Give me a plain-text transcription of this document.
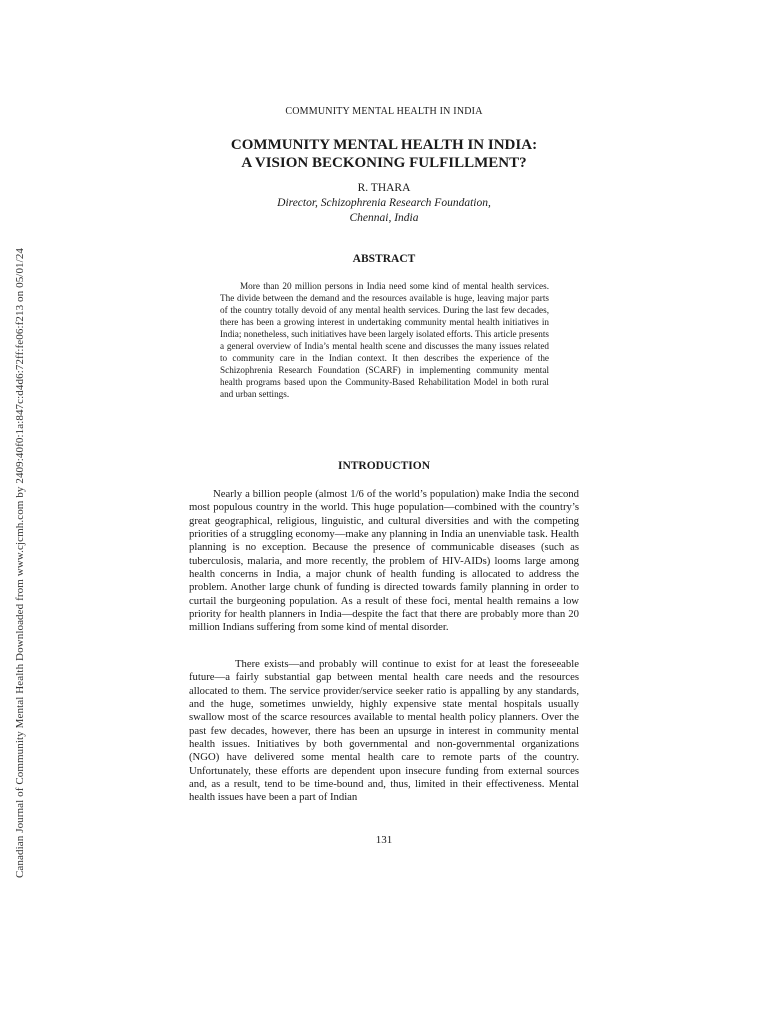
Canadian Journal of Community Mental Health Downloaded from www.cjcmh.com by 2409:40f0:1a:847c:d4d6:72ff:fe06:f213 on 05/01/24
COMMUNITY MENTAL HEALTH IN INDIA
COMMUNITY MENTAL HEALTH IN INDIA:
A VISION BECKONING FULFILLMENT?
R. THARA
Director, Schizophrenia Research Foundation,
Chennai, India
ABSTRACT

More than 20 million persons in India need some kind of mental health services. The divide between the demand and the resources available is huge, leaving major parts of the country totally devoid of any mental health services. During the last few decades, there has been a growing interest in undertaking community mental health initiatives in India; nonetheless, such initiatives have been largely isolated efforts. This article presents a general overview of India’s mental health scene and discusses the many issues related to community care in the Indian context. It then describes the experience of the Schizophrenia Research Foundation (SCARF) in implementing community mental health programs based upon the Community-Based Rehabilitation Model in both rural and urban settings.

INTRODUCTION

Nearly a billion people (almost 1/6 of the world’s population) make India the second most populous country in the world. This huge population—combined with the country’s great geographical, religious, linguistic, and cultural diversities and with the competing priorities of a struggling economy—make any planning in India an unenviable task. Health planning is no exception. Because the presence of communicable diseases (such as tuberculosis, malaria, and more recently, the problem of HIV-AIDs) looms large among health concerns in India, a major chunk of health funding is allocated to address the problem. Another large chunk of funding is directed towards family planning in order to curtail the burgeoning population. As a result of these foci, mental health remains a low priority for health planners in India—despite the fact that there are probably more than 20 million Indians suffering from some kind of mental disorder.

There exists—and probably will continue to exist for at least the foreseeable future—a fairly substantial gap between mental health care needs and the resources allocated to them. The service provider/service seeker ratio is appalling by any standards, and the huge, sometimes unwieldy, highly expensive state mental hospitals usually swallow most of the scarce resources available to mental health policy planners. Over the past few decades, however, there has been an upsurge in interest in community mental health issues. Initiatives by both governmental and non-governmental organizations (NGO) have delivered some mental health care to remote parts of the country. Unfortunately, these efforts are dependent upon insecure funding from external sources and, as a result, tend to be time-bound and, thus, limited in their effectiveness. Mental health issues have been a part of Indian

131
